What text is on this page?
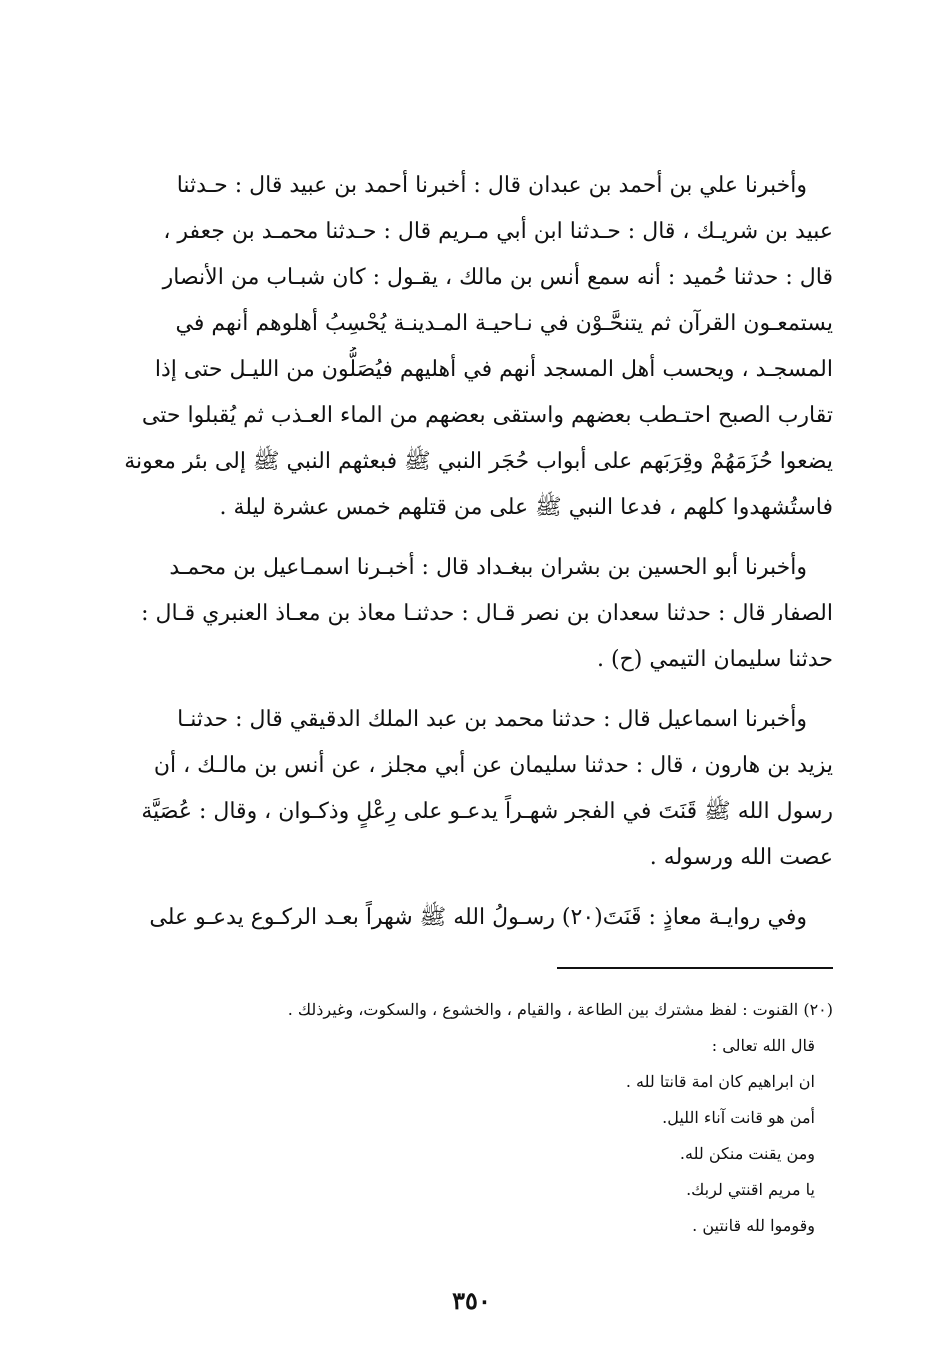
وأخبرنا علي بن أحمد بن عبدان قال : أخبرنا أحمد بن عبيد قال : حـدثنا
عبيد بن شريـك ، قال : حـدثنا ابن أبي مـريم قال : حـدثنا محمـد بن جعفر ،
قال : حدثنا حُميد : أنه سمع أنس بن مالك ، يقـول : كان شبـاب من الأنصار
يستمعـون القرآن ثم يتنحَّـوْن في نـاحيـة المـدينـة يُحْسِبُ أهلوهم أنهم في
المسجـد ، ويحسب أهل المسجد أنهم في أهليهم فيُصَلُّون من الليـل حتى إذا
تقارب الصبح احتـطب بعضهم واستقى بعضهم من الماء العـذب ثم يُقبلوا حتى
يضعوا حُزَمَهُمْ وقِرَبَهم على أبواب حُجَر النبي ﷺ فبعثهم النبي ﷺ إلى بئر معونة
فاستُشهدوا كلهم ، فدعا النبي ﷺ على من قتلهم خمس عشرة ليلة .
وأخبرنا أبو الحسين بن بشران ببغـداد قال : أخبـرنا اسمـاعيل بن محمـد
الصفار قال : حدثنا سعدان بن نصر قـال : حدثنـا معاذ بن معـاذ العنبري قـال :
حدثنا سليمان التيمي (ح) .
وأخبرنا اسماعيل قال : حدثنا محمد بن عبد الملك الدقيقي قال : حدثنـا
يزيد بن هارون ، قال : حدثنا سليمان عن أبي مجلز ، عن أنس بن مالـك ، أن
رسول الله ﷺ قَنَتَ في الفجر شهـراً يدعـو على رِعْلٍ وذكـوان ، وقال : عُصَيَّة
عصت الله ورسوله .
وفي روايـة معاذٍ : قَنَتَ(٢٠) رسـولُ الله ﷺ شهراً بعـد الركـوع يدعـو على
(٢٠) القنوت : لفظ مشترك بين الطاعة ، والقيام ، والخشوع ، والسكوت، وغيرذلك .
قال الله تعالى :
ان ابراهيم كان امة قانتا لله .
أمن هو قانت آناء الليل.
ومن يقنت منكن لله.
يا مريم اقنتي لربك.
وقوموا لله قانتين .
٣٥٠
